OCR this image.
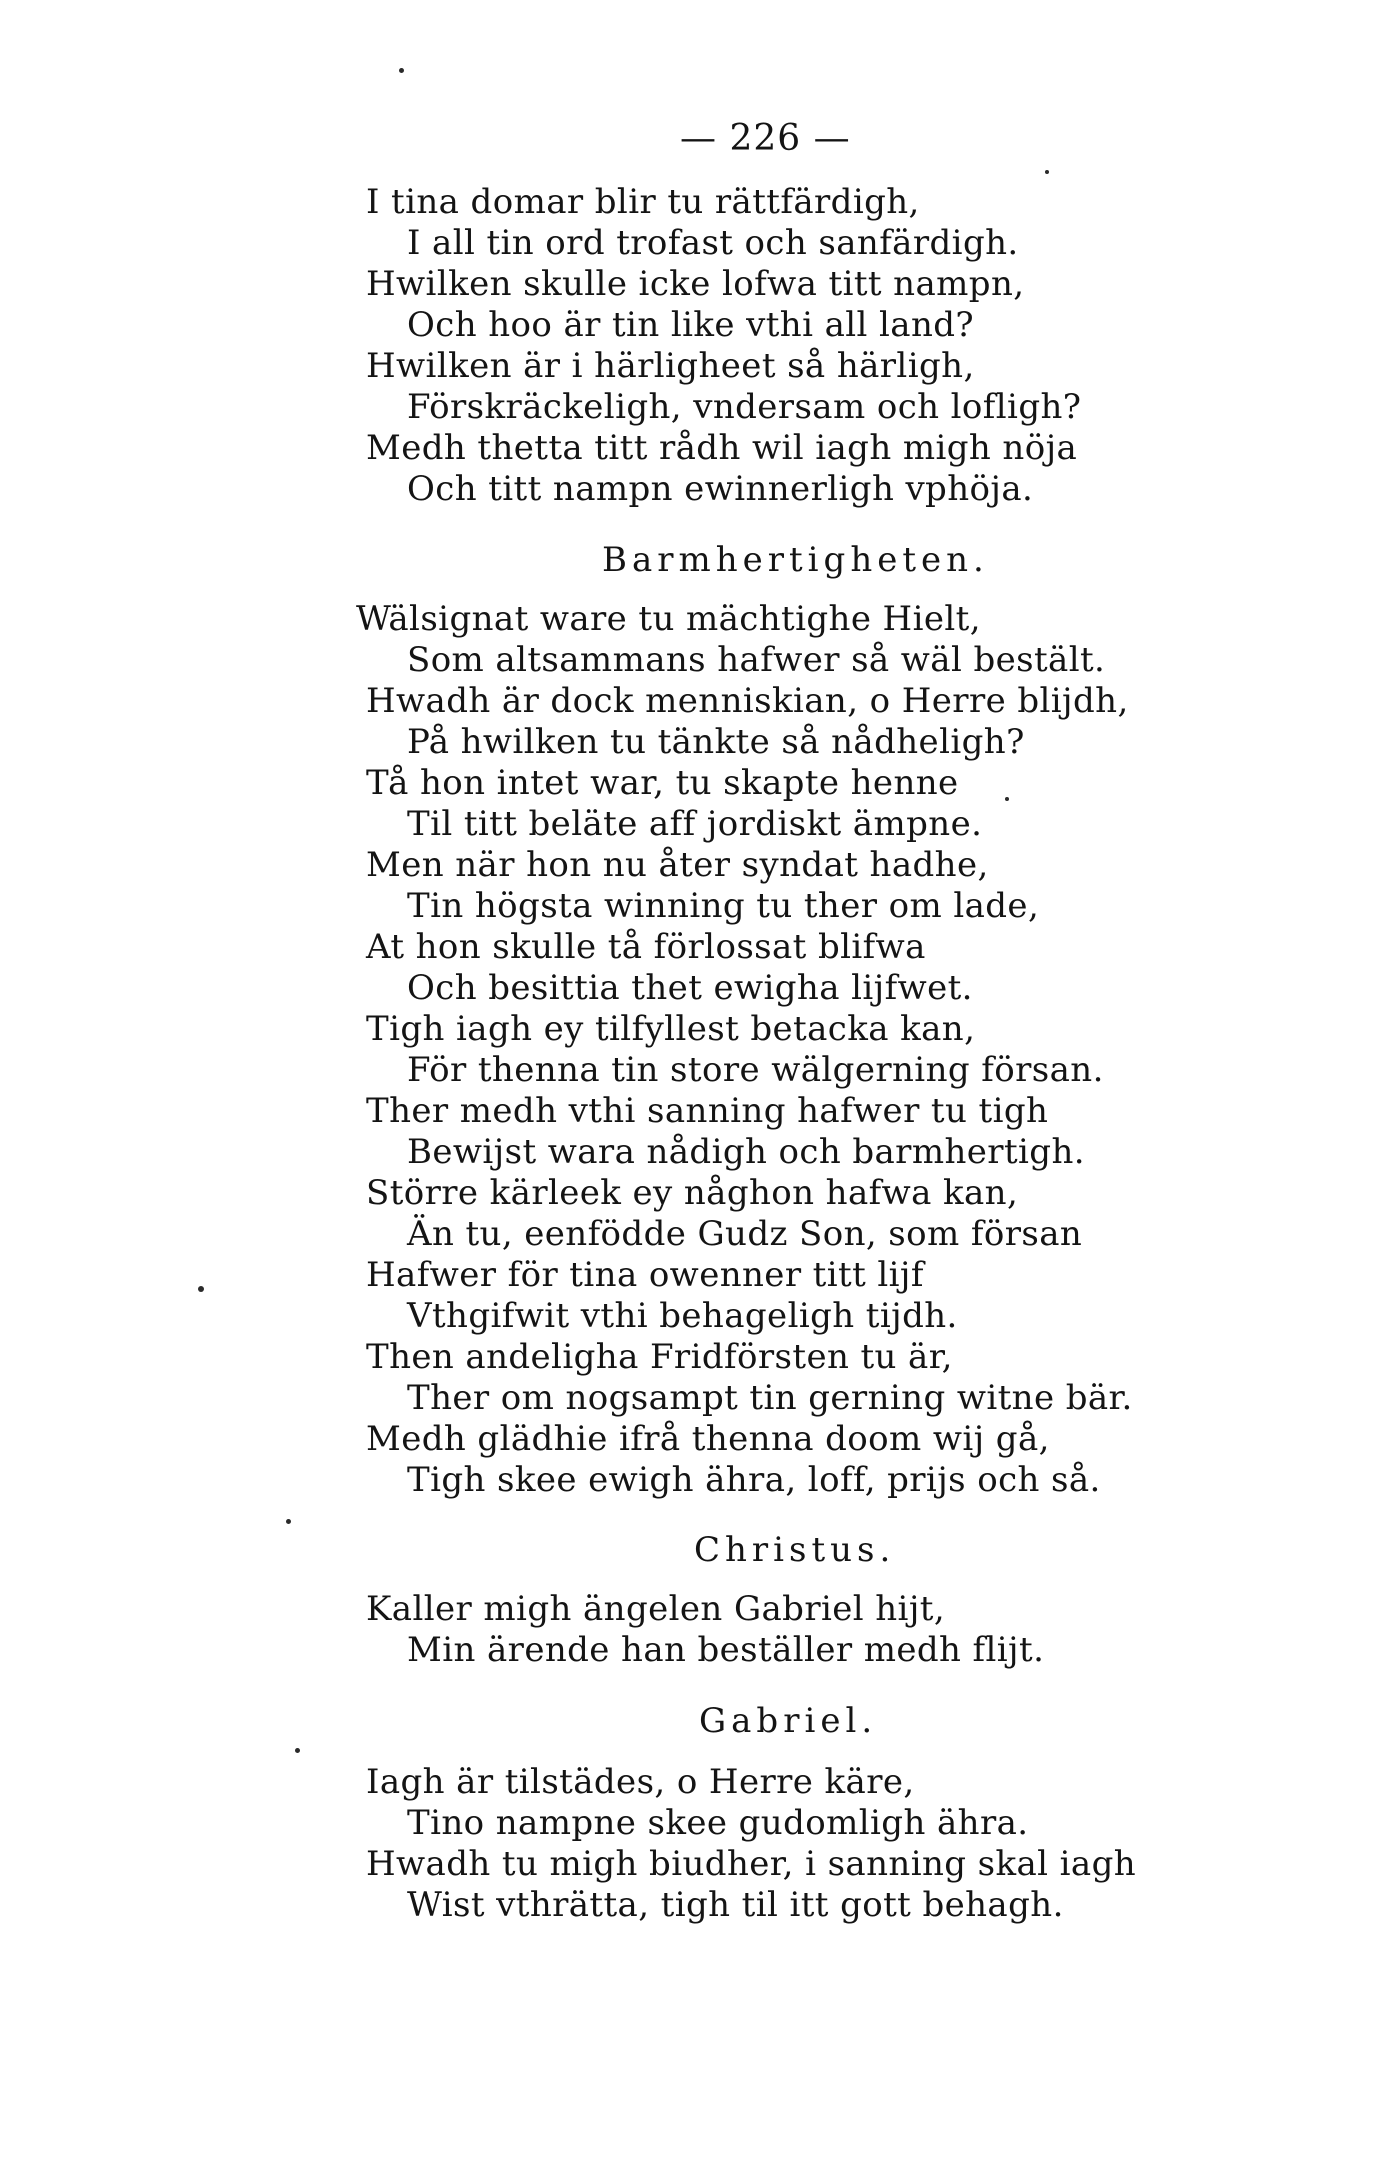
— 226 —
I tina domar blir tu rättfärdigh,
I all tin ord trofast och sanfärdigh.
Hwilken skulle icke lofwa titt nampn,
Och hoo är tin like vthi all land?
Hwilken är i härligheet så härligh,
Förskräckeligh, vndersam och lofligh?
Medh thetta titt rådh wil iagh migh nöja
Och titt nampn ewinnerligh vphöja.
Barmhertigheten.
Wälsignat ware tu mächtighe Hielt,
Som altsammans hafwer så wäl bestält.
Hwadh är dock menniskian, o Herre blijdh,
På hwilken tu tänkte så nådheligh?
Tå hon intet war, tu skapte henne
Til titt beläte aff jordiskt ämpne.
Men när hon nu åter syndat hadhe,
Tin högsta winning tu ther om lade,
At hon skulle tå förlossat blifwa
Och besittia thet ewigha lijfwet.
Tigh iagh ey tilfyllest betacka kan,
För thenna tin store wälgerning försan.
Ther medh vthi sanning hafwer tu tigh
Bewijst wara nådigh och barmhertigh.
Större kärleek ey någhon hafwa kan,
Än tu, eenfödde Gudz Son, som försan
Hafwer för tina owenner titt lijf
Vthgifwit vthi behageligh tijdh.
Then andeligha Fridförsten tu är,
Ther om nogsampt tin gerning witne bär.
Medh glädhie ifrå thenna doom wij gå,
Tigh skee ewigh ähra, loff, prijs och så.
Christus.
Kaller migh ängelen Gabriel hijt,
Min ärende han beställer medh flijt.
Gabriel.
Iagh är tilstädes, o Herre käre,
Tino nampne skee gudomligh ähra.
Hwadh tu migh biudher, i sanning skal iagh
Wist vthrätta, tigh til itt gott behagh.
